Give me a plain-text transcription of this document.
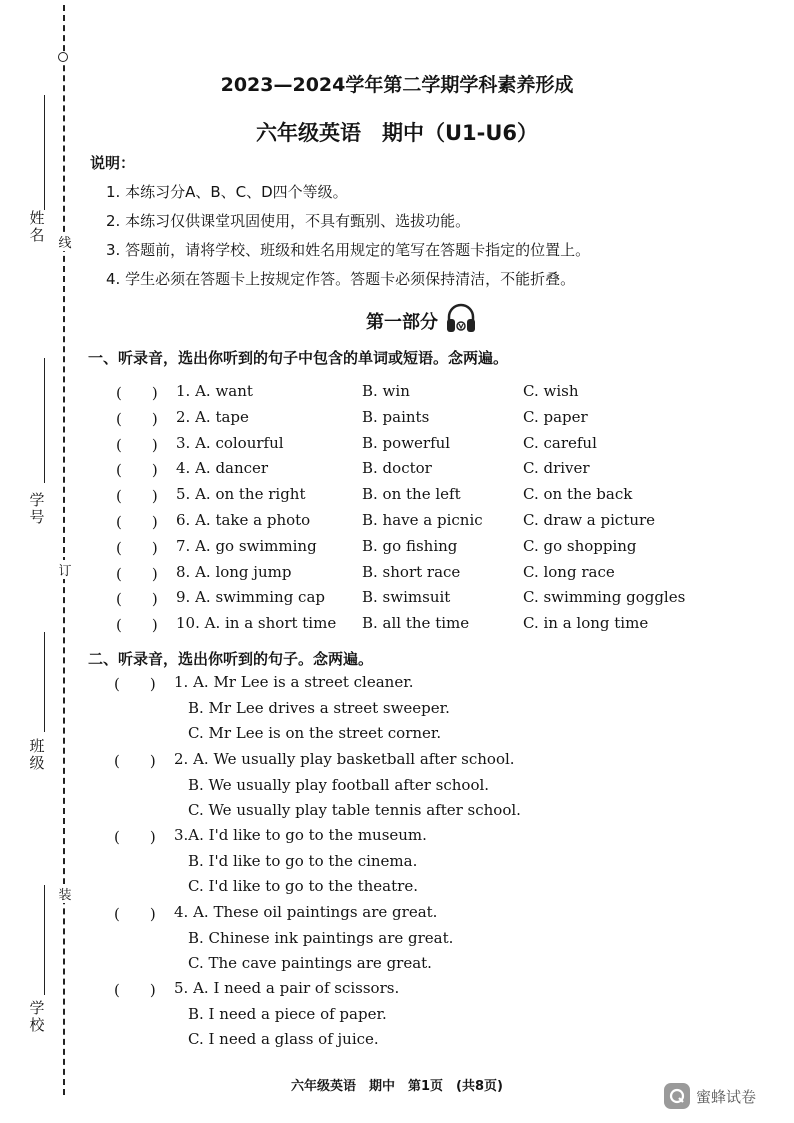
线
订
装
姓名
学号
班级
学校
2023—2024学年第二学期学科素养形成
六年级英语　期中（U1-U6）
说明：
1. 本练习分A、B、C、D四个等级。
2. 本练习仅供课堂巩固使用，不具有甄别、选拔功能。
3. 答题前，请将学校、班级和姓名用规定的笔写在答题卡指定的位置上。
4. 学生必须在答题卡上按规定作答。答题卡必须保持清洁，不能折叠。
第一部分
一、听录音，选出你听到的句子中包含的单词或短语。念两遍。
(　　) 1. A. want	B. win	C. wish
(　　) 2. A. tape	B. paints	C. paper
(　　) 3. A. colourful	B. powerful	C. careful
(　　) 4. A. dancer	B. doctor	C. driver
(　　) 5. A. on the right	B. on the left	C. on the back
(　　) 6. A. take a photo	B. have a picnic	C. draw a picture
(　　) 7. A. go swimming	B. go fishing	C. go shopping
(　　) 8. A. long jump	B. short race	C. long race
(　　) 9. A. swimming cap B. swimsuit	C. swimming goggles
(　　) 10. A. in a short time B. all the time	C. in a long time
二、听录音，选出你听到的句子。念两遍。
(　　) 1. A. Mr Lee is a street cleaner.
B. Mr Lee drives a street sweeper.
C. Mr Lee is on the street corner.
(　　) 2. A. We usually play basketball after school.
B. We usually play football after school.
C. We usually play table tennis after school.
(　　) 3.A. I'd like to go to the museum.
B. I'd like to go to the cinema.
C. I'd like to go to the theatre.
(　　) 4. A. These oil paintings are great.
B. Chinese ink paintings are great.
C. The cave paintings are great.
(　　) 5. A. I need a pair of scissors.
B. I need a piece of paper.
C. I need a glass of juice.
六年级英语　期中　第1页　(共8页)
蜜蜂试卷
